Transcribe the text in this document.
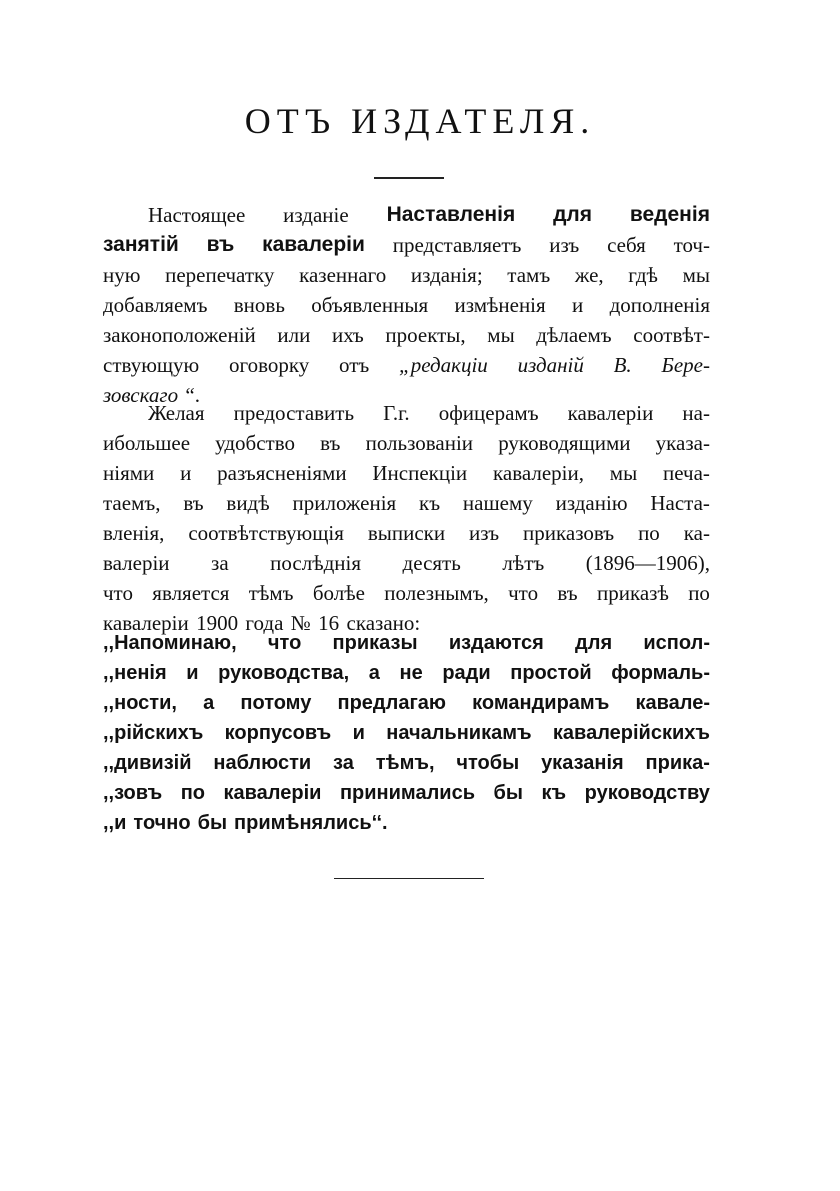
ОТЪ ИЗДАТЕЛЯ.
Настоящее изданіе Наставленія для веденія
занятій въ кавалеріи представляетъ изъ себя точ-
ную перепечатку казеннаго изданія; тамъ же, гдѣ мы
добавляемъ вновь объявленныя измѣненія и дополненія
законоположеній или ихъ проекты, мы дѣлаемъ соотвѣт-
ствующую оговорку отъ „редакціи изданій В. Бере-
зовскаго “.
Желая предоставить Г.г. офицерамъ кавалеріи на-
ибольшее удобство въ пользованіи руководящими указа-
ніями и разъясненіями Инспекціи кавалеріи, мы печа-
таемъ, въ видѣ приложенія къ нашему изданію Наста-
вленія, соотвѣтствующія выписки изъ приказовъ по ка-
валеріи за послѣднія десять лѣтъ (1896—1906),
что является тѣмъ болѣе полезнымъ, что въ приказѣ по
кавалеріи 1900 года № 16 сказано:
,,Напоминаю, что приказы издаются для испол-
,,ненія и руководства, а не ради простой формаль-
,,ности, а потому предлагаю командирамъ кавале-
,,рійскихъ корпусовъ и начальникамъ кавалерійскихъ
,,дивизій наблюсти за тѣмъ, чтобы указанія прика-
,,зовъ по кавалеріи принимались бы къ руководству
,,и точно бы примѣнялись‘‘.
